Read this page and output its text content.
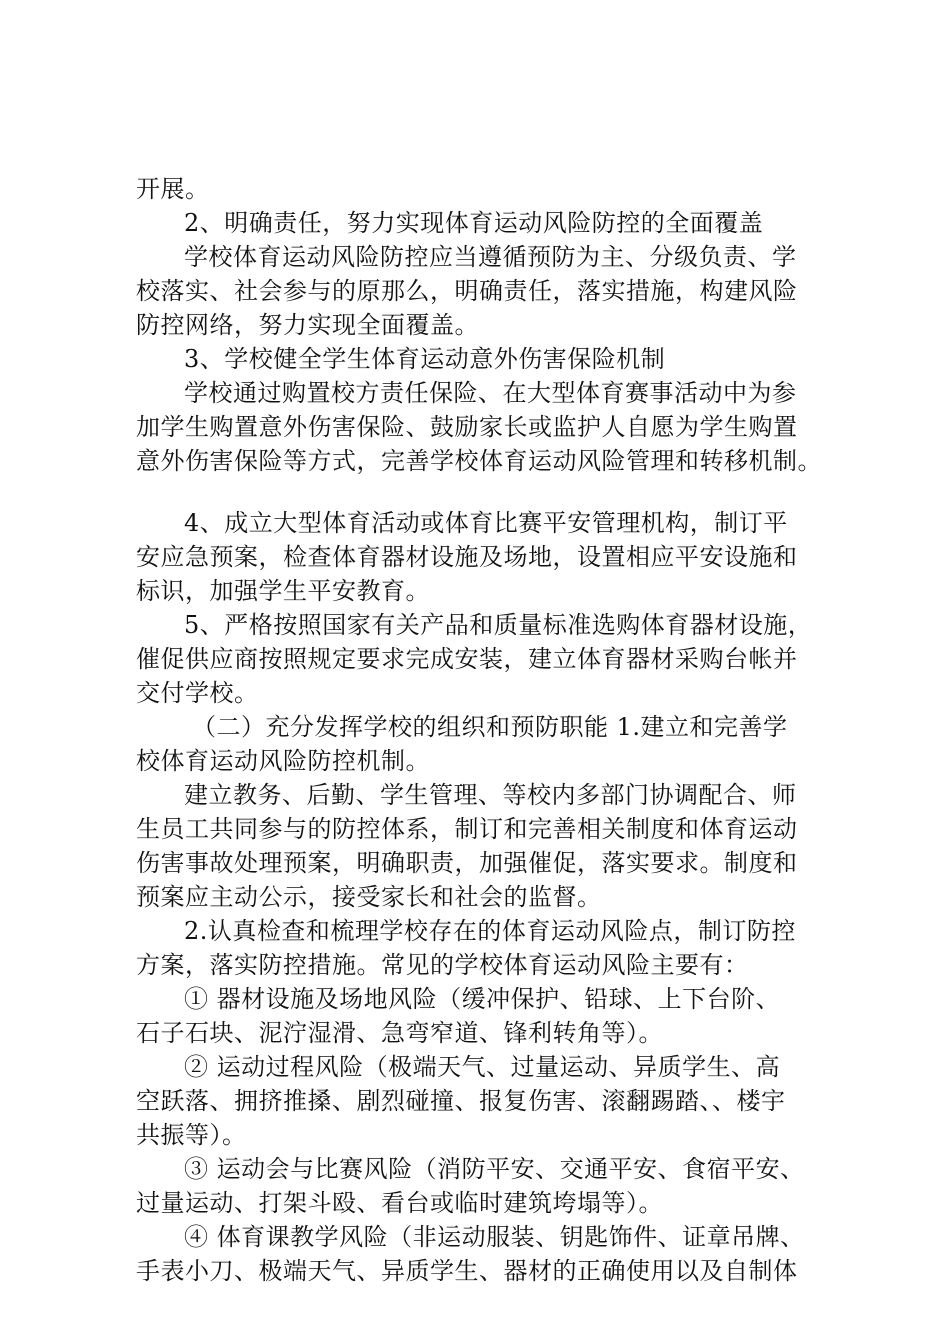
开展。
2、明确责任，努力实现体育运动风险防控的全面覆盖
学校体育运动风险防控应当遵循预防为主、分级负责、学
校落实、社会参与的原那么，明确责任，落实措施，构建风险
防控网络，努力实现全面覆盖。
3、学校健全学生体育运动意外伤害保险机制
学校通过购置校方责任保险、在大型体育赛事活动中为参
加学生购置意外伤害保险、鼓励家长或监护人自愿为学生购置
意外伤害保险等方式，完善学校体育运动风险管理和转移机制。
4、成立大型体育活动或体育比赛平安管理机构，制订平
安应急预案，检查体育器材设施及场地，设置相应平安设施和
标识，加强学生平安教育。
5、严格按照国家有关产品和质量标准选购体育器材设施，
催促供应商按照规定要求完成安装，建立体育器材采购台帐并
交付学校。
（二）充分发挥学校的组织和预防职能 1.建立和完善学
校体育运动风险防控机制。
建立教务、后勤、学生管理、等校内多部门协调配合、师
生员工共同参与的防控体系，制订和完善相关制度和体育运动
伤害事故处理预案，明确职责，加强催促，落实要求。制度和
预案应主动公示，接受家长和社会的监督。
2.认真检查和梳理学校存在的体育运动风险点，制订防控
方案，落实防控措施。常见的学校体育运动风险主要有：
① 器材设施及场地风险（缓冲保护、铅球、上下台阶、
石子石块、泥泞湿滑、急弯窄道、锋利转角等）。
② 运动过程风险（极端天气、过量运动、异质学生、高
空跃落、拥挤推搡、剧烈碰撞、报复伤害、滚翻踢踏、、楼宇
共振等）。
③ 运动会与比赛风险（消防平安、交通平安、食宿平安、
过量运动、打架斗殴、看台或临时建筑垮塌等）。
④ 体育课教学风险（非运动服装、钥匙饰件、证章吊牌、
手表小刀、极端天气、异质学生、器材的正确使用以及自制体
